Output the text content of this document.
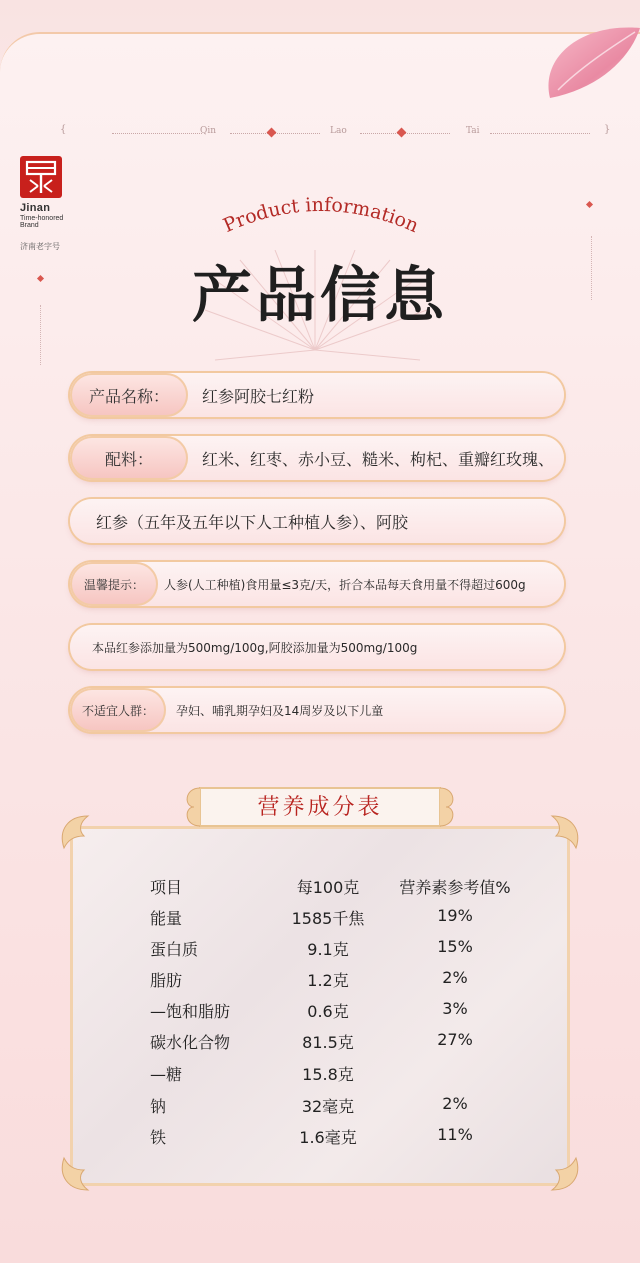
{	Qin	Lao	Tai	}
Jinan
Time-honored
Brand
济南老字号
Product information
产品信息
产品名称：	红参阿胶七红粉
配料：	红米、红枣、赤小豆、糙米、枸杞、重瓣红玫瑰、
红参（五年及五年以下人工种植人参）、阿胶
温馨提示：	人参(人工种植)食用量≤3克/天，折合本品每天食用量不得超过600g
本品红参添加量为500mg/100g,阿胶添加量为500mg/100g
不适宜人群：	孕妇、哺乳期孕妇及14周岁及以下儿童
营养成分表
项目	每100克	营养素参考值%
能量	1585千焦	19%
蛋白质	9.1克	15%
脂肪	1.2克	2%
—饱和脂肪	0.6克	3%
碳水化合物	81.5克	27%
—糖	15.8克
钠	32毫克	2%
铁	1.6毫克	11%
